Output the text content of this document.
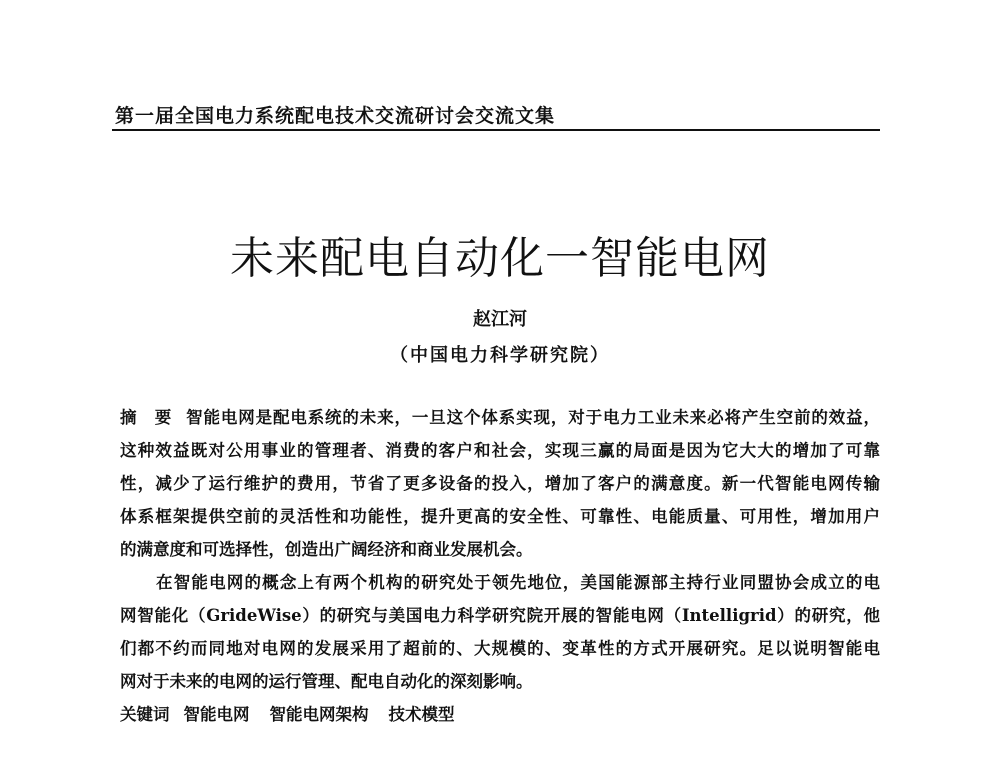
第一届全国电力系统配电技术交流研讨会交流文集
未来配电自动化一智能电网
赵江河
（中国电力科学研究院）
摘　要 智能电网是配电系统的未来，一旦这个体系实现，对于电力工业未来必将产生空前的效益，
这种效益既对公用事业的管理者、消费的客户和社会，实现三赢的局面是因为它大大的增加了可靠
性，减少了运行维护的费用，节省了更多设备的投入，增加了客户的满意度。新一代智能电网传输
体系框架提供空前的灵活性和功能性，提升更高的安全性、可靠性、电能质量、可用性，增加用户
的满意度和可选择性，创造出广阔经济和商业发展机会。
在智能电网的概念上有两个机构的研究处于领先地位，美国能源部主持行业同盟协会成立的电
网智能化（GrideWise）的研究与美国电力科学研究院开展的智能电网（Intelligrid）的研究，他
们都不约而同地对电网的发展采用了超前的、大规模的、变革性的方式开展研究。足以说明智能电
网对于未来的电网的运行管理、配电自动化的深刻影响。
关键词 智能电网 智能电网架构 技术模型
